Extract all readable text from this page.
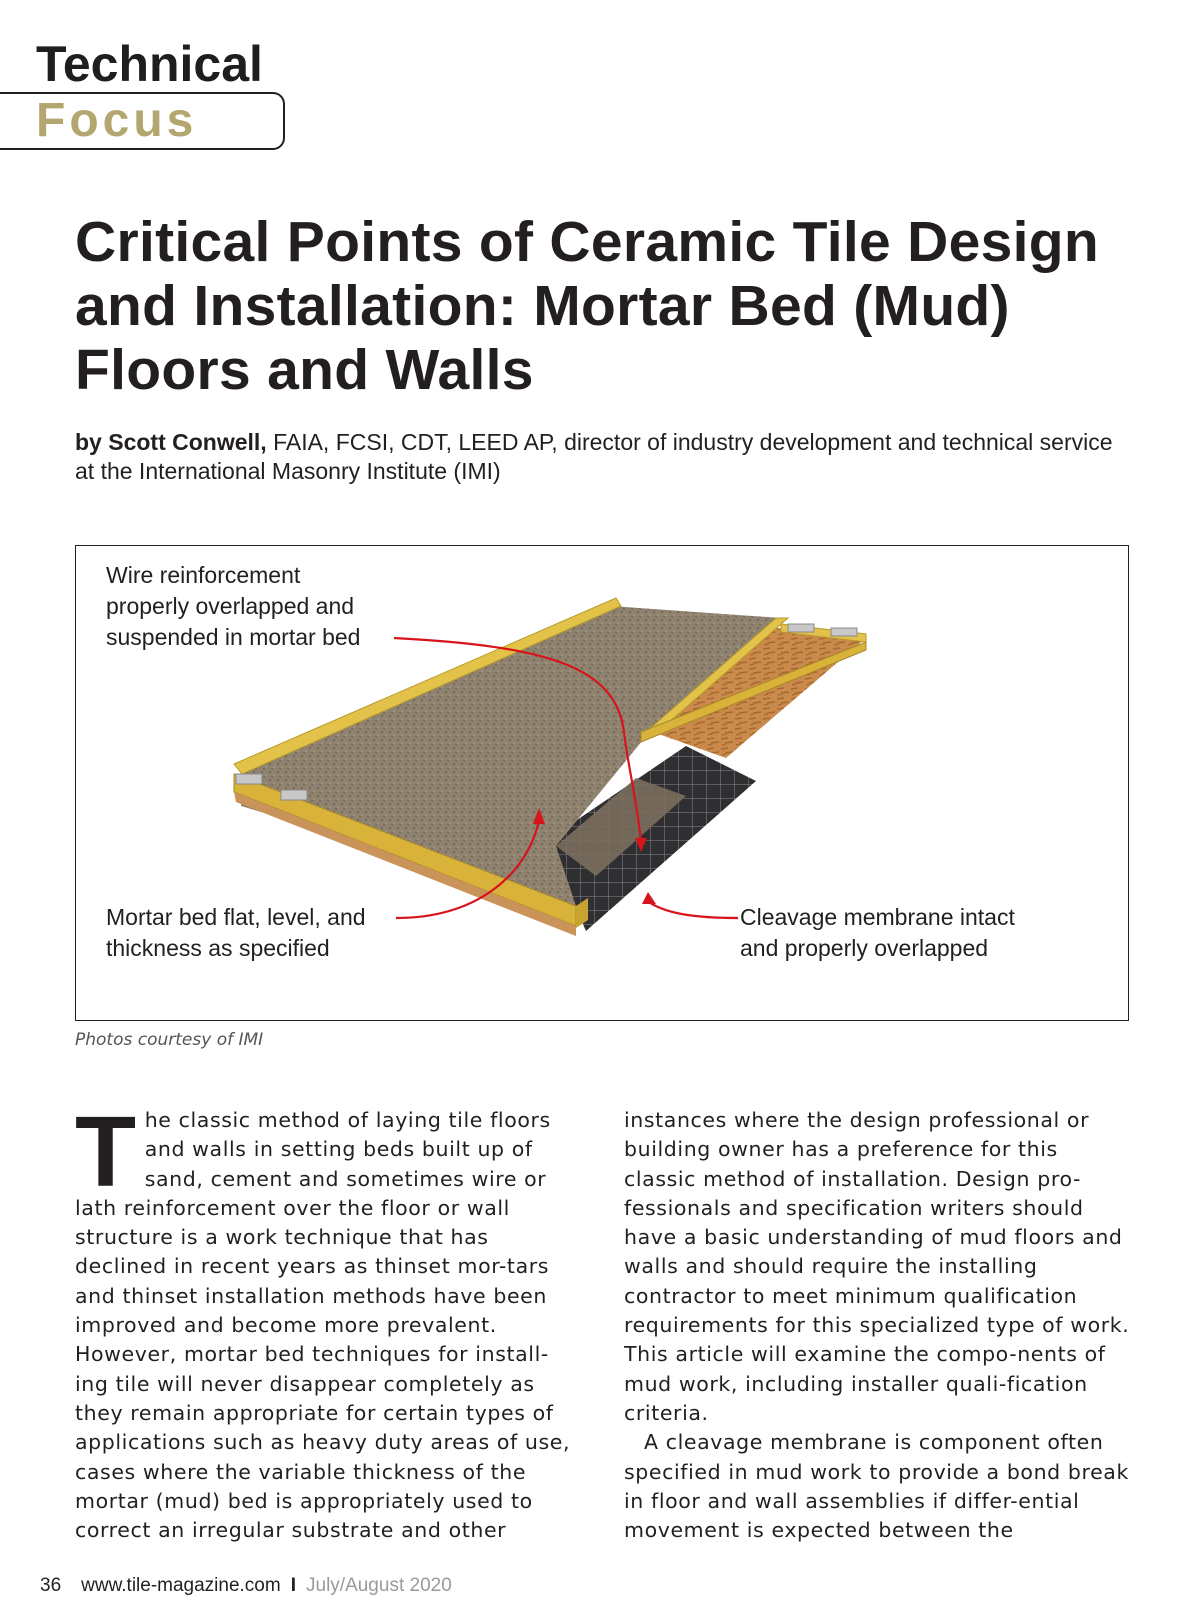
Technical
Focus
Critical Points of Ceramic Tile Design and Installation: Mortar Bed (Mud) Floors and Walls
by Scott Conwell, FAIA, FCSI, CDT, LEED AP, director of industry development and technical service at the International Masonry Institute (IMI)
Wire reinforcement
properly overlapped and
suspended in mortar bed
Mortar bed flat, level, and
thickness as specified
Cleavage membrane intact
and properly overlapped
Photos courtesy of IMI

The classic method of laying tile floors and walls in setting beds built up of sand, cement and sometimes wire or lath reinforcement over the floor or wall structure is a work technique that has declined in recent years as thinset mor-tars and thinset installation methods have been improved and become more prevalent. However, mortar bed techniques for install-ing tile will never disappear completely as they remain appropriate for certain types of applications such as heavy duty areas of use, cases where the variable thickness of the mortar (mud) bed is appropriately used to correct an irregular substrate and other

instances where the design professional or building owner has a preference for this classic method of installation. Design pro-fessionals and specification writers should have a basic understanding of mud floors and walls and should require the installing contractor to meet minimum qualification requirements for this specialized type of work. This article will examine the compo-nents of mud work, including installer quali-fication criteria.

A cleavage membrane is component often specified in mud work to provide a bond break in floor and wall assemblies if differ-ential movement is expected between the

36 www.tile-magazine.com I July/August 2020
